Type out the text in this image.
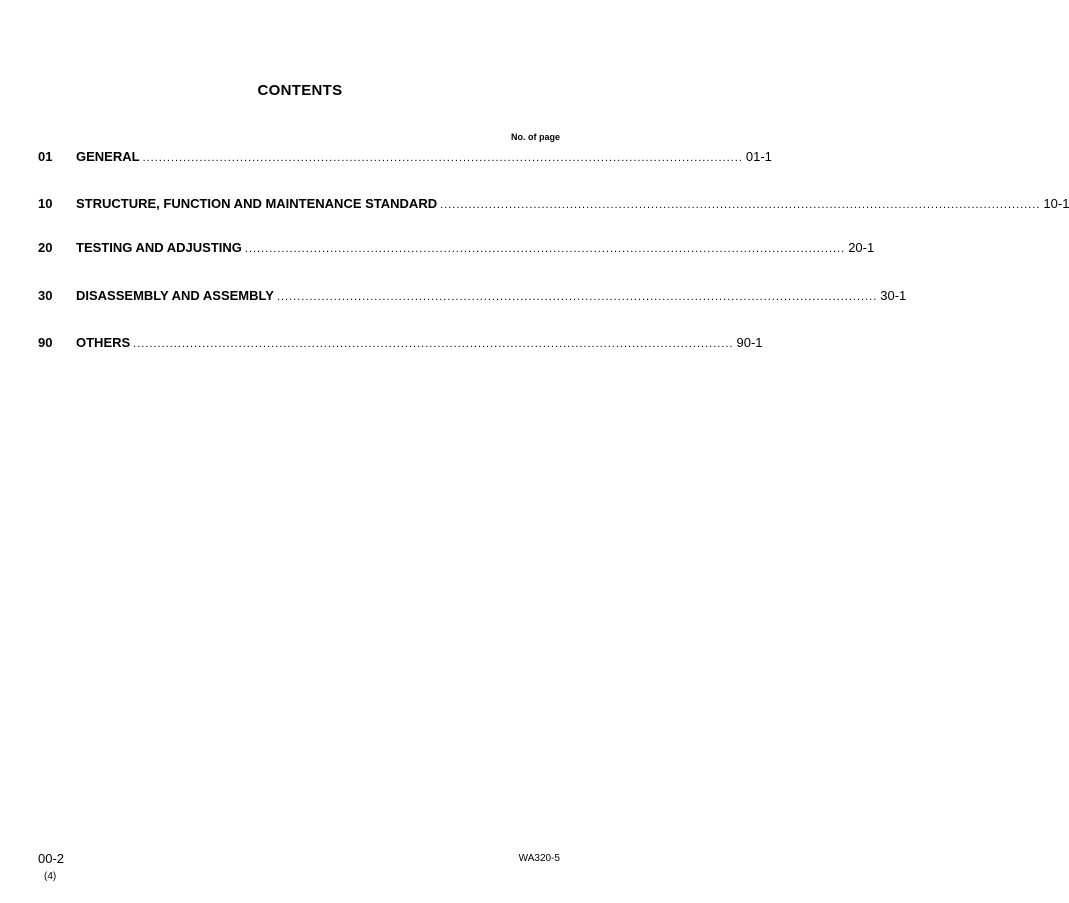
CONTENTS
No. of page
01	GENERAL .................................................................................................................................................... 01-1
10	STRUCTURE, FUNCTION AND MAINTENANCE STANDARD .................................................................................................................................................... 10-1
20	TESTING AND ADJUSTING .................................................................................................................................................... 20-1
30	DISASSEMBLY AND ASSEMBLY .................................................................................................................................................... 30-1
90	OTHERS .................................................................................................................................................... 90-1
00-2
(4)
WA320-5
